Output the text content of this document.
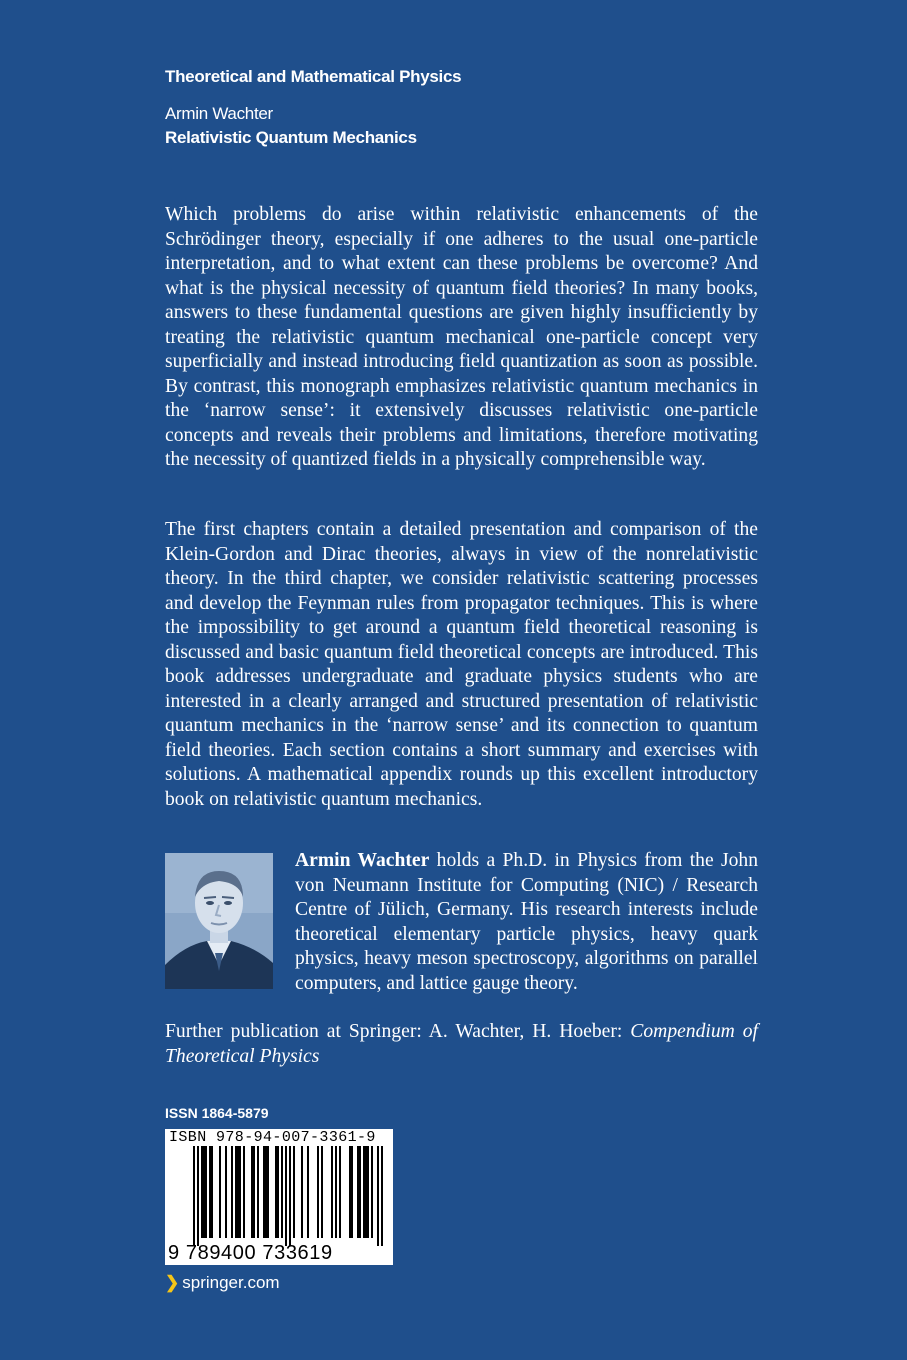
Theoretical and Mathematical Physics
Armin Wachter
Relativistic Quantum Mechanics

Which problems do arise within relativistic enhancements of the Schrödinger theory, especially if one adheres to the usual one-particle interpretation, and to what extent can these problems be overcome? And what is the physical necessity of quantum field theories? In many books, answers to these fundamental questions are given highly insufficiently by treating the relativistic quantum mechanical one-particle concept very superficially and instead introducing field quantization as soon as possible. By contrast, this monograph emphasizes relativistic quantum mechanics in the ‘narrow sense’: it extensively discusses relativistic one-particle concepts and reveals their problems and limitations, therefore motivating the necessity of quantized fields in a physically comprehensible way.

The first chapters contain a detailed presentation and comparison of the Klein-Gordon and Dirac theories, always in view of the nonrelativistic theory. In the third chapter, we consider relativistic scattering processes and develop the Feynman rules from propagator techniques. This is where the impossibility to get around a quantum field theoretical reasoning is discussed and basic quantum field theoretical concepts are introduced. This book addresses undergraduate and graduate physics students who are interested in a clearly arranged and structured presentation of relativistic quantum mechanics in the ‘narrow sense’ and its connection to quantum field theories. Each section contains a short summary and exercises with solutions. A mathematical appendix rounds up this excellent introductory book on relativistic quantum mechanics.

Armin Wachter holds a Ph.D. in Physics from the John von Neumann Institute for Computing (NIC) / Research Centre of Jülich, Germany. His research interests include theoretical elementary particle physics, heavy quark physics, heavy meson spectroscopy, algorithms on parallel computers, and lattice gauge theory.

Further publication at Springer: A. Wachter, H. Hoeber: Compendium of Theoretical Physics

ISSN 1864-5879
ISBN 978-94-007-3361-9
9 789400 733619
❯ springer.com
